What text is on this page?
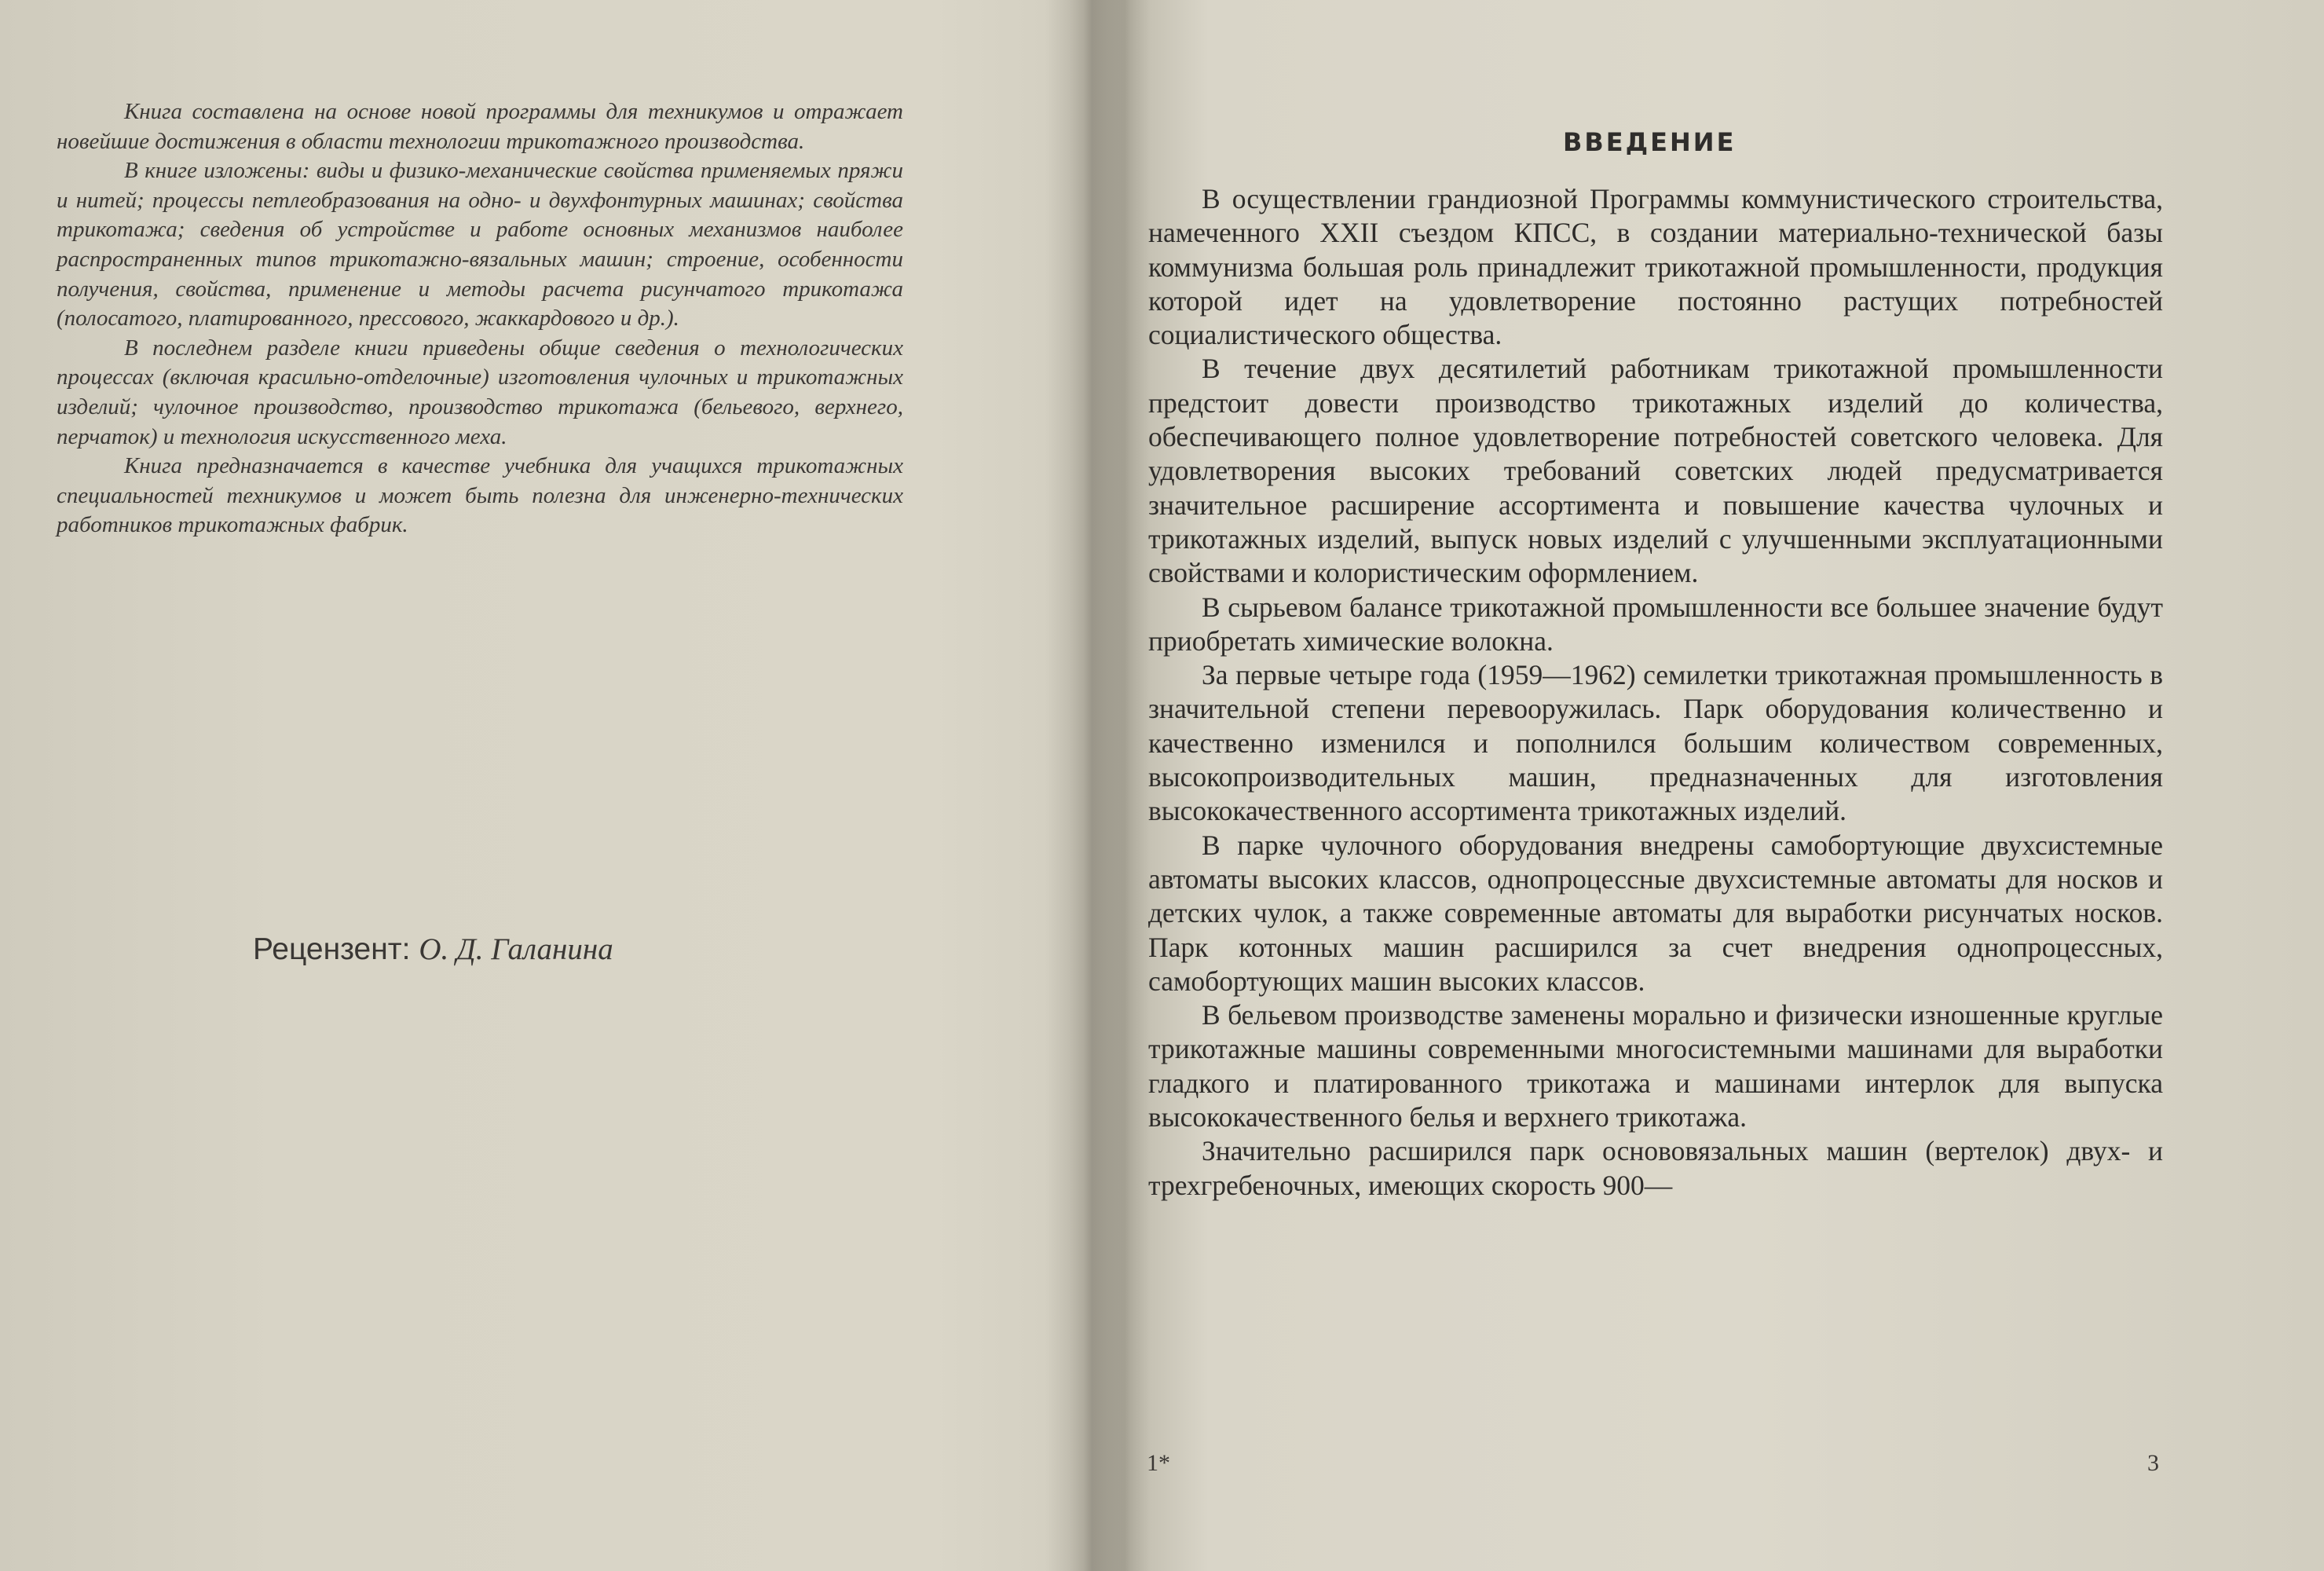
Книга составлена на основе новой программы для техникумов и отражает новейшие достижения в области технологии трикотажного производства.

В книге изложены: виды и физико-механические свойства применяемых пряжи и нитей; процессы петлеобразования на одно- и двухфонтурных машинах; свойства трикотажа; сведения об устройстве и работе основных механизмов наиболее распространенных типов трикотажно-вязальных машин; строение, особенности получения, свойства, применение и методы расчета рисунчатого трикотажа (полосатого, платированного, прессового, жаккардового и др.).

В последнем разделе книги приведены общие сведения о технологических процессах (включая красильно-отделочные) изготовления чулочных и трикотажных изделий; чулочное производство, производство трикотажа (бельевого, верхнего, перчаток) и технология искусственного меха.

Книга предназначается в качестве учебника для учащихся трикотажных специальностей техникумов и может быть полезна для инженерно-технических работников трикотажных фабрик.

Рецензент: О. Д. Галанина
ВВЕДЕНИЕ

В осуществлении грандиозной Программы коммунистического строительства, намеченного XXII съездом КПСС, в создании материально-технической базы коммунизма большая роль принадлежит трикотажной промышленности, продукция которой идет на удовлетворение постоянно растущих потребностей социалистического общества.

В течение двух десятилетий работникам трикотажной промышленности предстоит довести производство трикотажных изделий до количества, обеспечивающего полное удовлетворение потребностей советского человека. Для удовлетворения высоких требований советских людей предусматривается значительное расширение ассортимента и повышение качества чулочных и трикотажных изделий, выпуск новых изделий с улучшенными эксплуатационными свойствами и колористическим оформлением.

В сырьевом балансе трикотажной промышленности все большее значение будут приобретать химические волокна.

За первые четыре года (1959—1962) семилетки трикотажная промышленность в значительной степени перевооружилась. Парк оборудования количественно и качественно изменился и пополнился большим количеством современных, высокопроизводительных машин, предназначенных для изготовления высококачественного ассортимента трикотажных изделий.

В парке чулочного оборудования внедрены самобортующие двухсистемные автоматы высоких классов, однопроцессные двухсистемные автоматы для носков и детских чулок, а также современные автоматы для выработки рисунчатых носков. Парк котонных машин расширился за счет внедрения однопроцессных, самобортующих машин высоких классов.

В бельевом производстве заменены морально и физически изношенные круглые трикотажные машины современными многосистемными машинами для выработки гладкого и платированного трикотажа и машинами интерлок для выпуска высококачественного белья и верхнего трикотажа.

Значительно расширился парк основовязальных машин (вертелок) двух- и трехгребеночных, имеющих скорость 900—

1*	3
